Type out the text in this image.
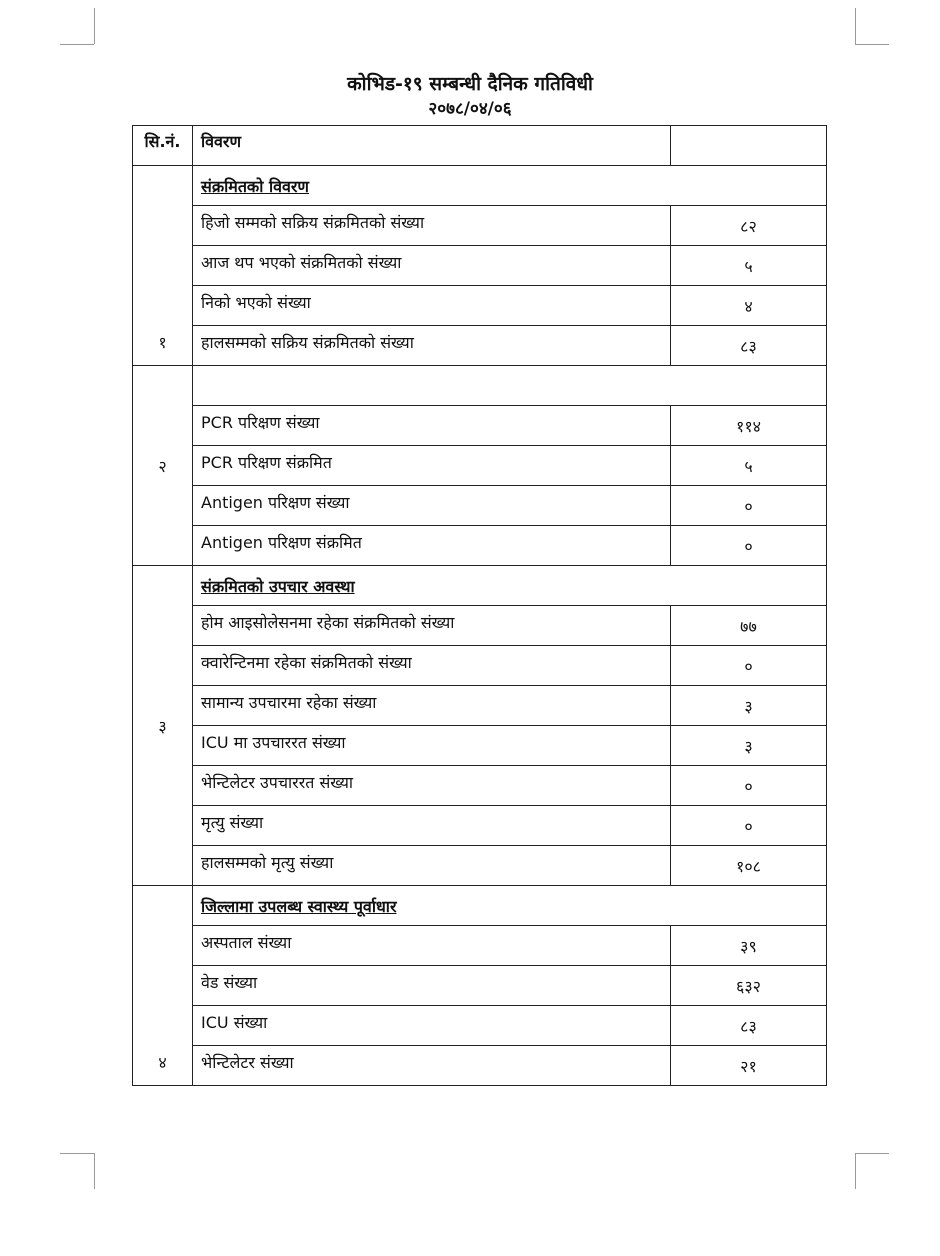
कोभिड-१९ सम्बन्धी दैनिक गतिविधी
२०७८/०४/०६
सि.नं.	विवरण	
१	संक्रमितको विवरण	
	हिजो सम्मको सक्रिय संक्रमितको संख्या	८२
	आज थप भएको संक्रमितको संख्या	५
	निको भएको संख्या	४
	हालसम्मको सक्रिय संक्रमितको संख्या	८३
२		
	PCR परिक्षण संख्या	११४
	PCR परिक्षण संक्रमित	५
	Antigen परिक्षण संख्या	०
	Antigen परिक्षण संक्रमित	०
३	संक्रमितको उपचार अवस्था	
	होम आइसोलेसनमा रहेका संक्रमितको संख्या	७७
	क्वारेन्टिनमा रहेका संक्रमितको संख्या	०
	सामान्य उपचारमा रहेका संख्या	३
	ICU मा उपचाररत संख्या	३
	भेन्टिलेटर उपचाररत संख्या	०
	मृत्यु संख्या	०
	हालसम्मको मृत्यु संख्या	१०८
४	जिल्लामा उपलब्ध स्वास्थ्य पूर्वाधार	
	अस्पताल संख्या	३९
	वेड संख्या	६३२
	ICU संख्या	८३
	भेन्टिलेटर संख्या	२१
